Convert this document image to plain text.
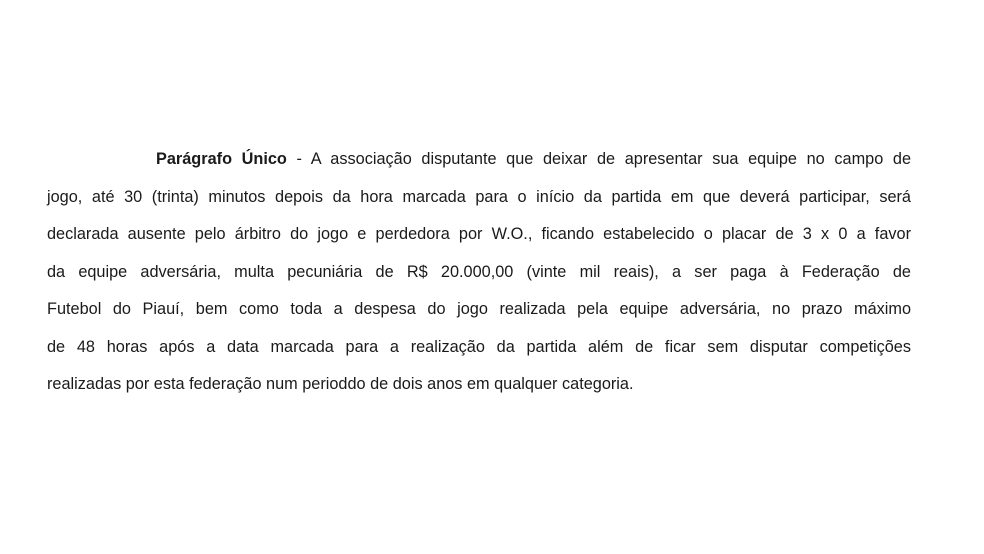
Parágrafo Único - A associação disputante que deixar de apresentar sua equipe no campo de
jogo, até 30 (trinta) minutos depois da hora marcada para o início da partida em que deverá participar, será
declarada ausente pelo árbitro do jogo e perdedora por W.O., ficando estabelecido o placar de 3 x 0 a favor
da equipe adversária, multa pecuniária de R$ 20.000,00 (vinte mil reais), a ser paga à Federação de
Futebol do Piauí, bem como toda a despesa do jogo realizada pela equipe adversária, no prazo máximo
de 48 horas após a data marcada para a realização da partida além de ficar sem disputar competições
realizadas por esta federação num perioddo de dois anos em qualquer categoria.
